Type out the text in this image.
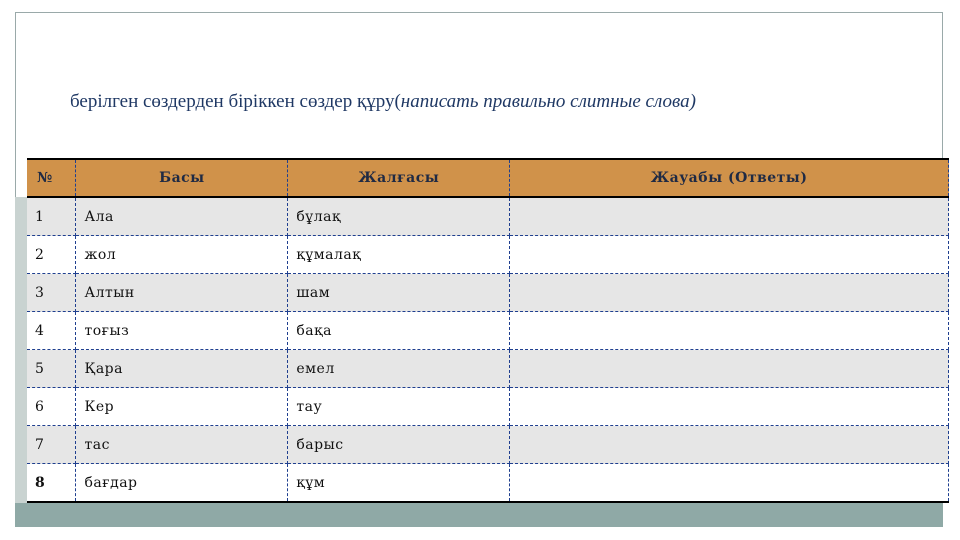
берілген сөздерден біріккен сөздер құру(написать правильно слитные слова)
№	Басы	Жалғасы	Жауабы (Ответы)
1	Ала	бұлақ	
2	жол	құмалақ	
3	Алтын	шам	
4	тоғыз	бақа	
5	Қара	емел	
6	Кер	тау	
7	тас	барыс	
8	бағдар	құм	
